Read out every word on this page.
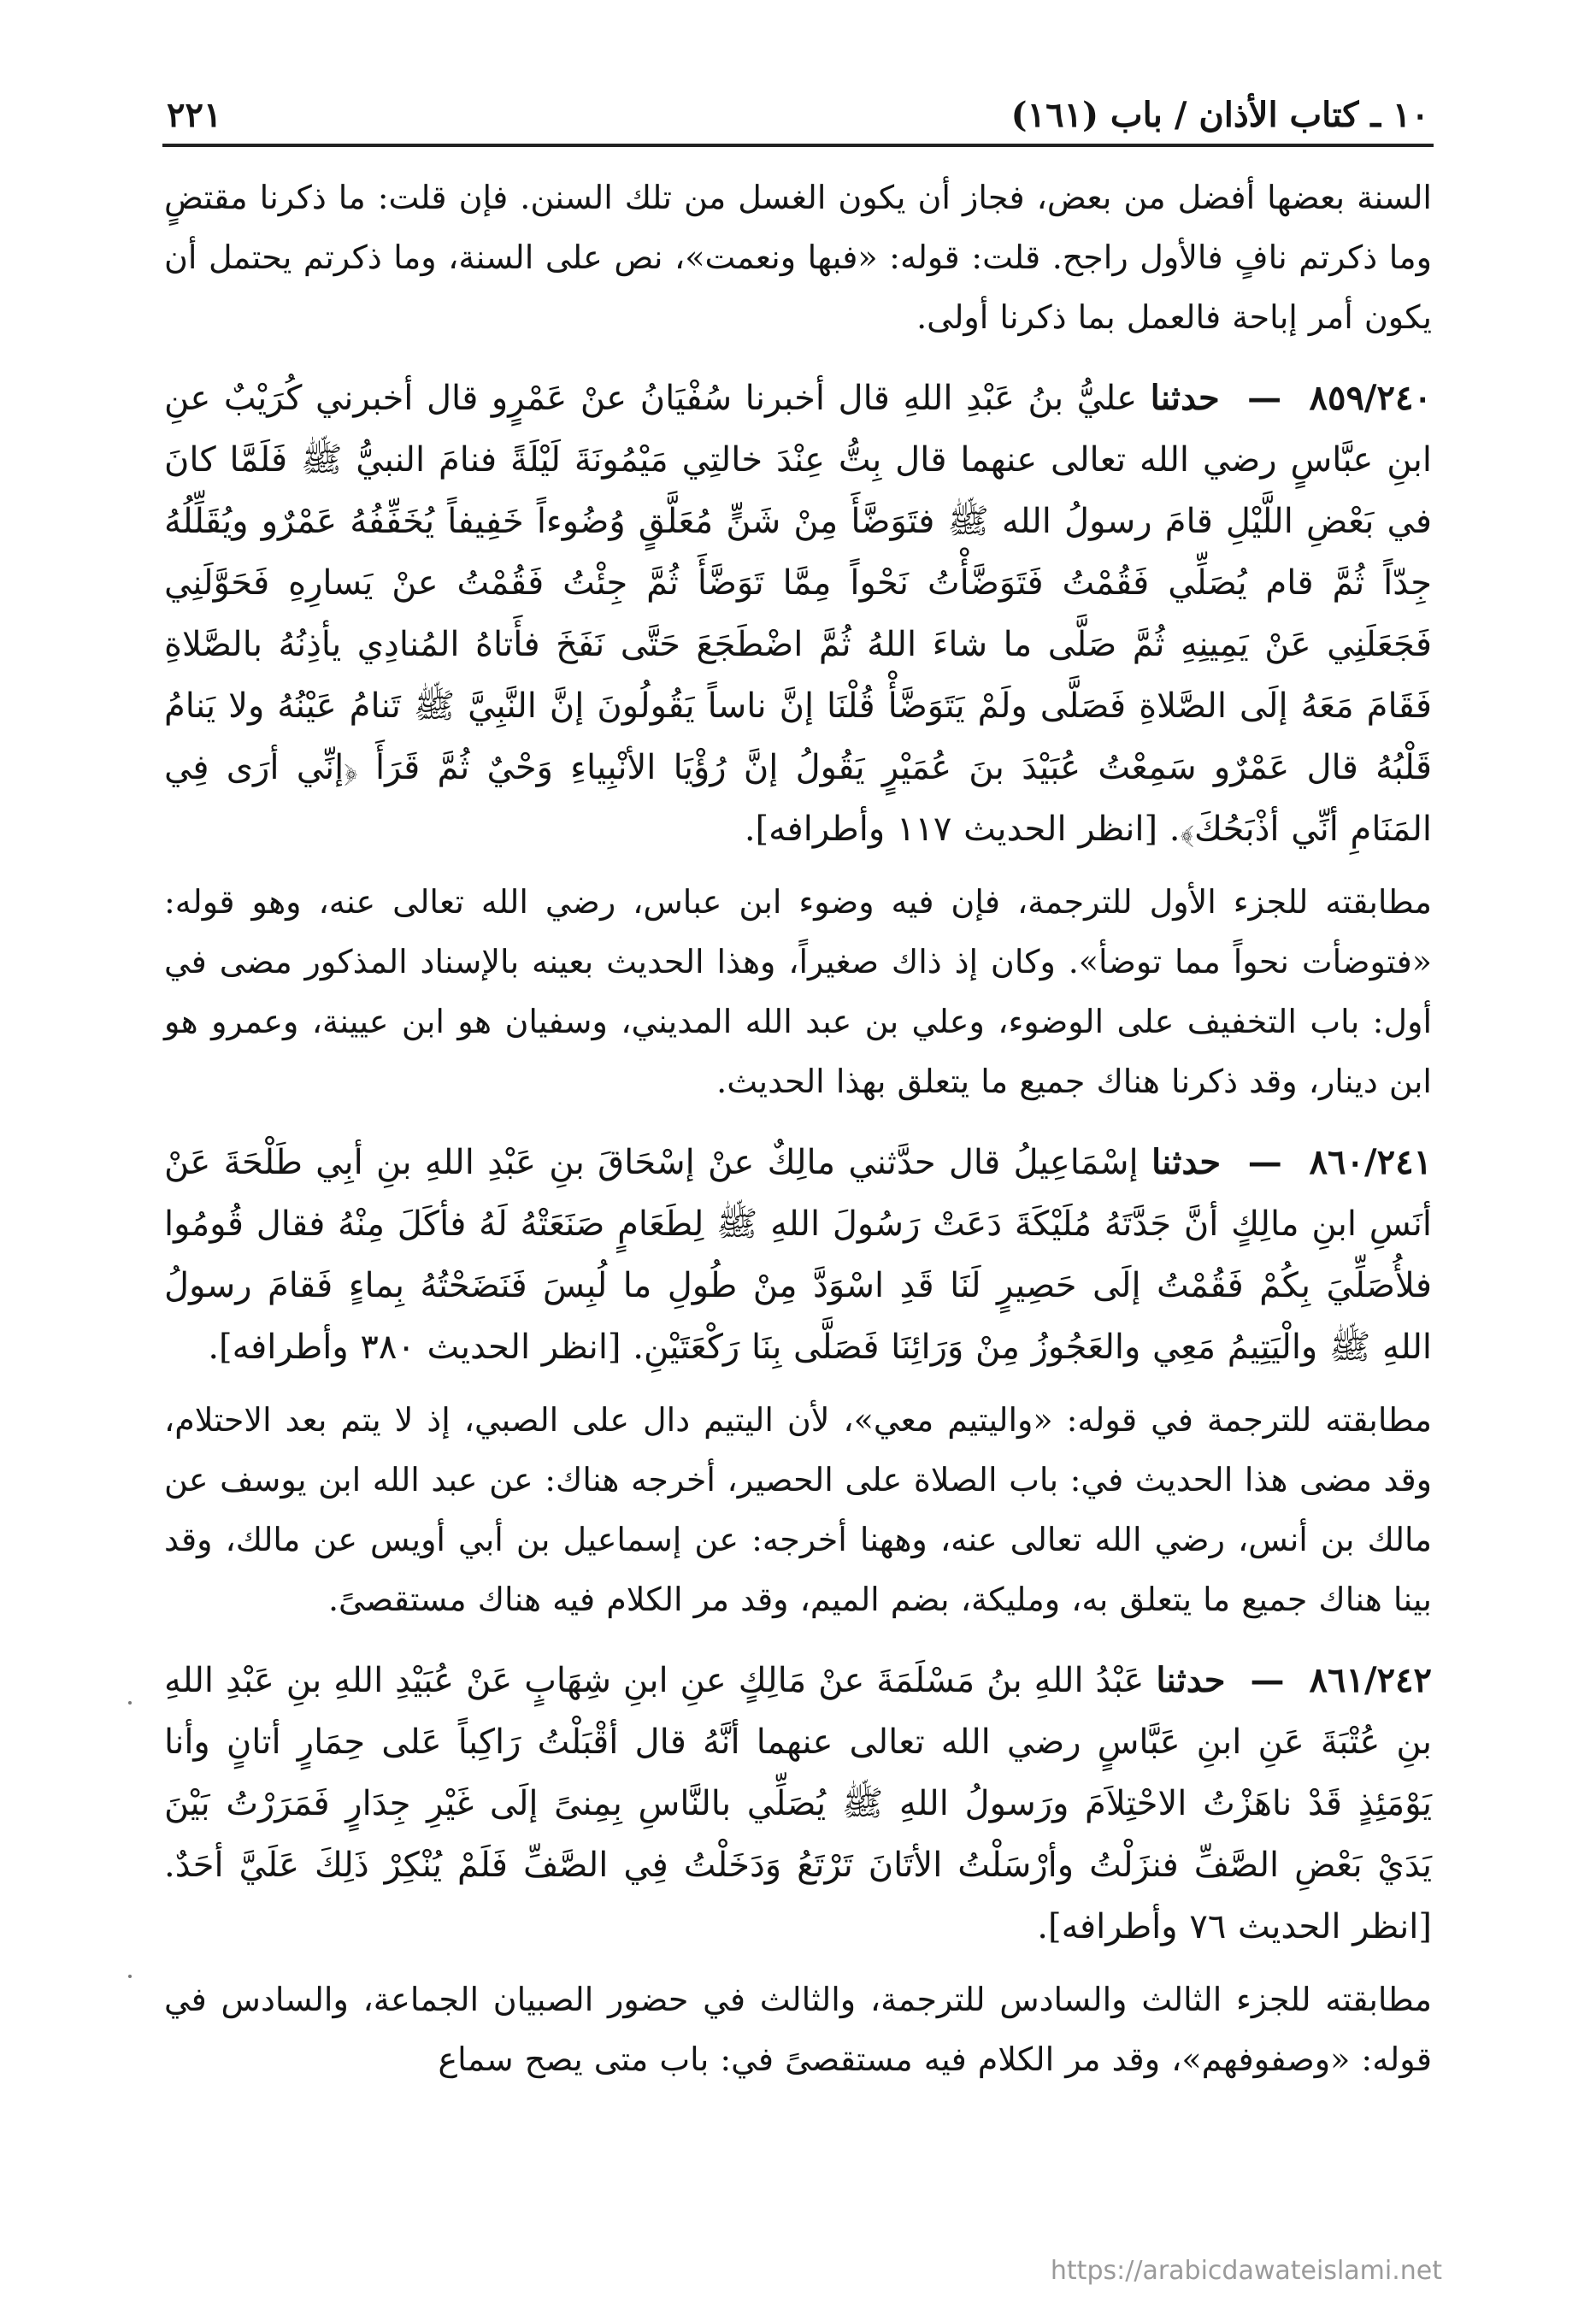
١٠ ـ كتاب الأذان / باب (١٦١)
٢٢١

السنة بعضها أفضل من بعض، فجاز أن يكون الغسل من تلك السنن. فإن قلت: ما ذكرنا مقتضٍ وما ذكرتم نافٍ فالأول راجح. قلت: قوله: «فبها ونعمت»، نص على السنة، وما ذكرتم يحتمل أن يكون أمر إباحة فالعمل بما ذكرنا أولى.

٨٥٩/٢٤٠  —  حدثنا عليُّ بنُ عَبْدِ اللهِ قال أخبرنا سُفْيَانُ عنْ عَمْرٍو قال أخبرني كُرَيْبٌ عنِ ابنِ عبَّاسٍ رضي الله تعالى عنهما قال بِتُّ عِنْدَ خالتِي مَيْمُونَةَ لَيْلَةً فنامَ النبيُّ ﷺ فَلَمَّا كانَ في بَعْضِ اللَّيْلِ قامَ رسولُ الله ﷺ فتَوَضَّأَ مِنْ شَنٍّ مُعَلَّقٍ وُضُوءاً خَفِيفاً يُخَفِّفُهُ عَمْرٌو ويُقَلِّلُهُ جِدّاً ثُمَّ قام يُصَلِّي فَقُمْتُ فَتَوَضَّأْتُ نَحْواً مِمَّا تَوَضَّأَ ثُمَّ جِئْتُ فَقُمْتُ عنْ يَسارِهِ فَحَوَّلَنِي فَجَعَلَنِي عَنْ يَمِينِهِ ثُمَّ صَلَّى ما شاءَ اللهُ ثُمَّ اضْطَجَعَ حَتَّى نَفَخَ فأَتاهُ المُنادِي يأذِنُهُ بالصَّلاةِ فَقَامَ مَعَهُ إلَى الصَّلاةِ فَصَلَّى ولَمْ يَتَوَضَّأْ قُلْنَا إنَّ ناساً يَقُولُونَ إنَّ النَّبِيَّ ﷺ تَنامُ عَيْنُهُ ولا يَنامُ قَلْبُهُ قال عَمْرٌو سَمِعْتُ عُبَيْدَ بنَ عُمَيْرٍ يَقُولُ إنَّ رُؤْيَا الأنْبِياءِ وَحْيٌ ثُمَّ قَرَأَ ﴿إنِّي أرَى فِي المَنَامِ أنِّي أذْبَحُكَ﴾. [انظر الحديث ١١٧ وأطرافه].

مطابقته للجزء الأول للترجمة، فإن فيه وضوء ابن عباس، رضي الله تعالى عنه، وهو قوله: «فتوضأت نحواً مما توضأ». وكان إذ ذاك صغيراً، وهذا الحديث بعينه بالإسناد المذكور مضى في أول: باب التخفيف على الوضوء، وعلي بن عبد الله المديني، وسفيان هو ابن عيينة، وعمرو هو ابن دينار، وقد ذكرنا هناك جميع ما يتعلق بهذا الحديث.

٨٦٠/٢٤١  —  حدثنا إسْمَاعِيلُ قال حدَّثني مالِكٌ عنْ إسْحَاقَ بنِ عَبْدِ اللهِ بنِ أبِي طَلْحَةَ عَنْ أنَسِ ابنِ مالِكٍ أنَّ جَدَّتَهُ مُلَيْكَةَ دَعَتْ رَسُولَ اللهِ ﷺ لِطَعَامٍ صَنَعَتْهُ لَهُ فأكَلَ مِنْهُ فقال قُومُوا فلأُصَلِّيَ بِكُمْ فَقُمْتُ إلَى حَصِيرٍ لَنَا قَدِ اسْوَدَّ مِنْ طُولِ ما لُبِسَ فَنَضَحْتُهُ بِماءٍ فَقامَ رسولُ اللهِ ﷺ والْيَتِيمُ مَعِي والعَجُوزُ مِنْ وَرَائِنَا فَصَلَّى بِنَا رَكْعَتَيْنِ. [انظر الحديث ٣٨٠ وأطرافه].

مطابقته للترجمة في قوله: «واليتيم معي»، لأن اليتيم دال على الصبي، إذ لا يتم بعد الاحتلام، وقد مضى هذا الحديث في: باب الصلاة على الحصير، أخرجه هناك: عن عبد الله ابن يوسف عن مالك بن أنس، رضي الله تعالى عنه، وههنا أخرجه: عن إسماعيل بن أبي أويس عن مالك، وقد بينا هناك جميع ما يتعلق به، ومليكة، بضم الميم، وقد مر الكلام فيه هناك مستقصىً.

٨٦١/٢٤٢  —  حدثنا عَبْدُ اللهِ بنُ مَسْلَمَةَ عنْ مَالِكٍ عنِ ابنِ شِهَابٍ عَنْ عُبَيْدِ اللهِ بنِ عَبْدِ اللهِ بنِ عُتْبَةَ عَنِ ابنِ عَبَّاسٍ رضي الله تعالى عنهما أنَّهُ قال أقْبَلْتُ رَاكِباً عَلى حِمَارٍ أتانٍ وأنا يَوْمَئِذٍ قَدْ ناهَزْتُ الاحْتِلاَمَ ورَسولُ اللهِ ﷺ يُصَلِّي بالنَّاسِ بِمِنىً إلَى غَيْرِ جِدَارٍ فَمَرَرْتُ بَيْنَ يَدَيْ بَعْضِ الصَّفِّ فنزَلْتُ وأرْسَلْتُ الأتَانَ تَرْتَعُ وَدَخَلْتُ فِي الصَّفِّ فَلَمْ يُنْكِرْ ذَلِكَ عَلَيَّ أحَدٌ. [انظر الحديث ٧٦ وأطرافه].

مطابقته للجزء الثالث والسادس للترجمة، والثالث في حضور الصبيان الجماعة، والسادس في قوله: «وصفوفهم»، وقد مر الكلام فيه مستقصىً في: باب متى يصح سماع

https://arabicdawateislami.net
